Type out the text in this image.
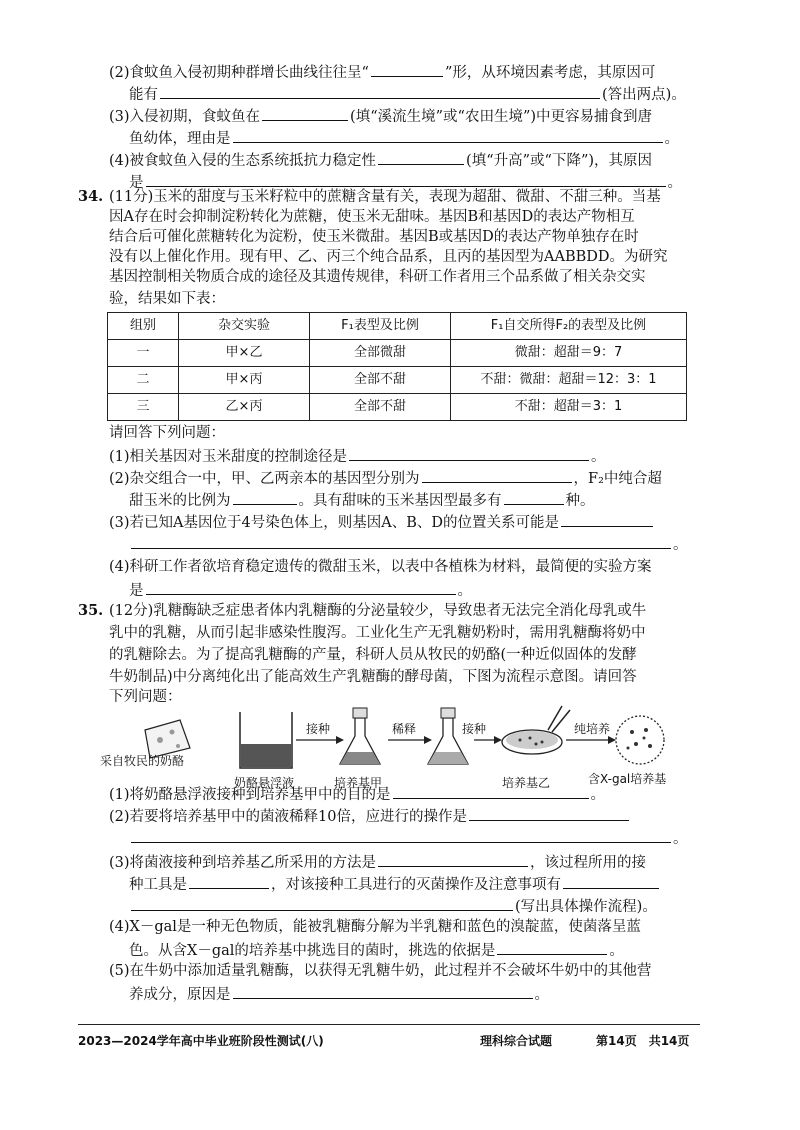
(2)食蚊鱼入侵初期种群增长曲线往往呈“	”形，从环境因素考虑，其原因可
能有	(答出两点)。
(3)入侵初期，食蚊鱼在	(填“溪流生境”或“农田生境”)中更容易捕食到唐
鱼幼体，理由是	。
(4)被食蚊鱼入侵的生态系统抵抗力稳定性	(填“升高”或“下降”)，其原因
是	。
34. (11分)玉米的甜度与玉米籽粒中的蔗糖含量有关，表现为超甜、微甜、不甜三种。当基
因A存在时会抑制淀粉转化为蔗糖，使玉米无甜味。基因B和基因D的表达产物相互
结合后可催化蔗糖转化为淀粉，使玉米微甜。基因B或基因D的表达产物单独存在时
没有以上催化作用。现有甲、乙、丙三个纯合品系，且丙的基因型为AABBDD。为研究
基因控制相关物质合成的途径及其遗传规律，科研工作者用三个品系做了相关杂交实
验，结果如下表：
组别	杂交实验	F₁表型及比例	F₁自交所得F₂的表型及比例
一	甲×乙	全部微甜	微甜：超甜＝9：7
二	甲×丙	全部不甜	不甜：微甜：超甜＝12：3：1
三	乙×丙	全部不甜	不甜：超甜＝3：1
请回答下列问题：
(1)相关基因对玉米甜度的控制途径是	。
(2)杂交组合一中，甲、乙两亲本的基因型分别为	，F₂中纯合超
甜玉米的比例为	。具有甜味的玉米基因型最多有	种。
(3)若已知A基因位于4号染色体上，则基因A、B、D的位置关系可能是
。
(4)科研工作者欲培育稳定遗传的微甜玉米，以表中各植株为材料，最简便的实验方案
是	。
35. (12分)乳糖酶缺乏症患者体内乳糖酶的分泌量较少，导致患者无法完全消化母乳或牛
乳中的乳糖，从而引起非感染性腹泻。工业化生产无乳糖奶粉时，需用乳糖酶将奶中
的乳糖除去。为了提高乳糖酶的产量，科研人员从牧民的奶酪(一种近似固体的发酵
牛奶制品)中分离纯化出了能高效生产乳糖酶的酵母菌，下图为流程示意图。请回答
下列问题：
采自牧民的奶酪
奶酪悬浮液
接种	稀释	接种	纯培养
培养基甲	培养基乙	含X-gal培养基
(1)将奶酪悬浮液接种到培养基甲中的目的是	。
(2)若要将培养基甲中的菌液稀释10倍，应进行的操作是
。
(3)将菌液接种到培养基乙所采用的方法是	，该过程所用的接
种工具是	，对该接种工具进行的灭菌操作及注意事项有
(写出具体操作流程)。
(4)X－gal是一种无色物质，能被乳糖酶分解为半乳糖和蓝色的溴靛蓝，使菌落呈蓝
色。从含X－gal的培养基中挑选目的菌时，挑选的依据是	。
(5)在牛奶中添加适量乳糖酶，以获得无乳糖牛奶，此过程并不会破坏牛奶中的其他营
养成分，原因是	。
2023—2024学年高中毕业班阶段性测试(八)	理科综合试题	第14页　共14页
